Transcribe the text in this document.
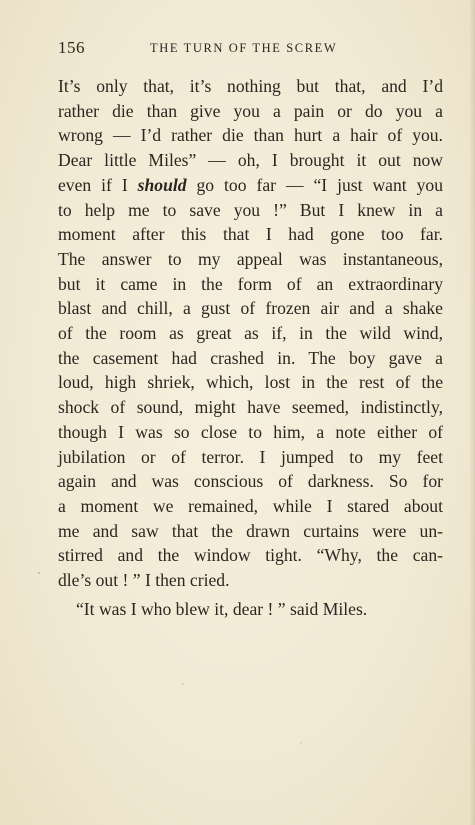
156	THE TURN OF THE SCREW
It’s only that, it’s nothing but that, and I’d
rather die than give you a pain or do you a
wrong — I’d rather die than hurt a hair of you.
Dear little Miles” — oh, I brought it out now
even if I should go too far — “I just want you
to help me to save you !” But I knew in a
moment after this that I had gone too far.
The answer to my appeal was instantaneous,
but it came in the form of an extraordinary
blast and chill, a gust of frozen air and a shake
of the room as great as if, in the wild wind,
the casement had crashed in. The boy gave a
loud, high shriek, which, lost in the rest of the
shock of sound, might have seemed, indistinctly,
though I was so close to him, a note either of
jubilation or of terror. I jumped to my feet
again and was conscious of darkness. So for
a moment we remained, while I stared about
me and saw that the drawn curtains were un-
stirred and the window tight. “Why, the can-
dle’s out ! ” I then cried.
“It was I who blew it, dear ! ” said Miles.
